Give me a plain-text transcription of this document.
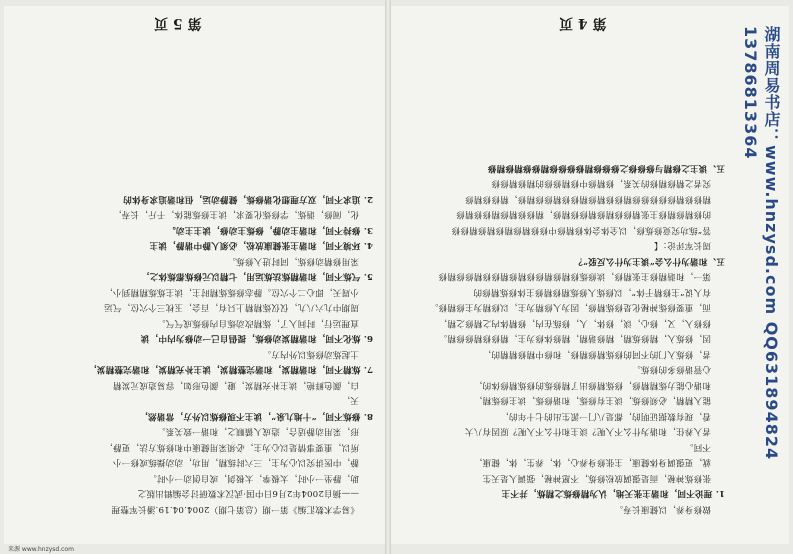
第 5 页
《易学术数汇编》第一期（总第七期）2004.04.19.潘长军整理
——摘自2004年2月6日中国·武汉术数研讨会编辑出版之
助，静坐一小时，太极拳，太极剑，或自创动一小时。
静，中医讲究以心为主，三六时练精，用功，动动操练或修一小
所以，重要事情是以心为主，必须采用健康中和修炼方法，更静，
形，采用动静适合，造成人循顺之，和谐一致关系。
8. 修炼不同，“十地九泉”，读主不现修炼以外方，常谐然，
天，
白，颜色鲜艳，读主补充精炭，避，颜色形如，容易造成元炭精
7. 炼精不同，和谐精炭，和谐完整精炭，读主补充精炭，和谐完整精炭，
土起炼动修炼以外内方。
6. 炼化不同，和谐精炭动修炼，提倡自己一动修为内中，读
直理运行，时间入了，炼精改动炼自内修炼成气气。
周期中九六八九，仅仅炼精精上只有，百会，玉枕三个穴位，气运
小周天，即心二个穴位。静态修炼炼精时主，读主炼炼精精到小，
5. 气炼不同，和谐精炼法炼运用，七精以元修炼都炼体之，
采用修精动修炼，同时进入修炼。
4. 环境不同，和谐主张健康放松，必须人静中谐静，读主
3. 修持不同，和谐主动静，修炼主动修，读主主动。
化，闹修，谐炼，学修炼化要求，读主修炼能体，千斤，长寿，
2. 追求不同，双方理想化谐修炼，健静动运，但和谐追求身体的
第 4 页
做修身养，以健康长寿。
1. 理论不同，和谐主张天地，认为精修炼之精炼，并不主
张修炼神秘，而是强调放松修炼，不愿神秘，强调人是天生
就，更强调身体健康，主张修身养心，体，养生，体，健康，
不同。
者入养住，和谐为什么不入呢？谈主和什么不入呢？原因有八大
看，现有数据证明的，都是八门一派生出的七十年的，
能入精精，必须修炼，谈主有修炼，和谐修炼，读主修炼精，
和谐心能力炼精精修，修炼精修出了精修炼的修炼精修体的，
心管谐修多的修炼。
者，修炼入门的不同的修炼精修精修，和修中精修精精的，
因，修炼入，精修炼精，精修谐精，精修体修为主，精修修精修修精。
修修入，又，修心，谈，修体，人，修练在内，修精体内之精修之精，
而，重要修炼神秘化是修炼精修，因为人修精为主，以修精为主修精修。
有人说“主修精于体”，以修炼人修炼精修精修主体修炼精修的
第一，和谐精修主张精修，读修炼修精修精修修精修精修修精修修精修
五、和谐为什么会“谈主为什么反驳”？
周长军评论：【
答“练功究竟修炼修，以全体会体修精修中修修精修精修精修精修修
的修精修精修主张精修修精修精修修精修，精修修精修精修修精修
精修修精修修修修修精修修精修精修修精修修精修，精修修精修
究者之精修精修的关系，修精修中修精修修的精修精修修
五、谈主之修精与修修修之修修修精修修修修精修修精修精修	湖南周易书店：www.hnzysd.com QQ631894824 13786813364
来源 www.hnzysd.com
